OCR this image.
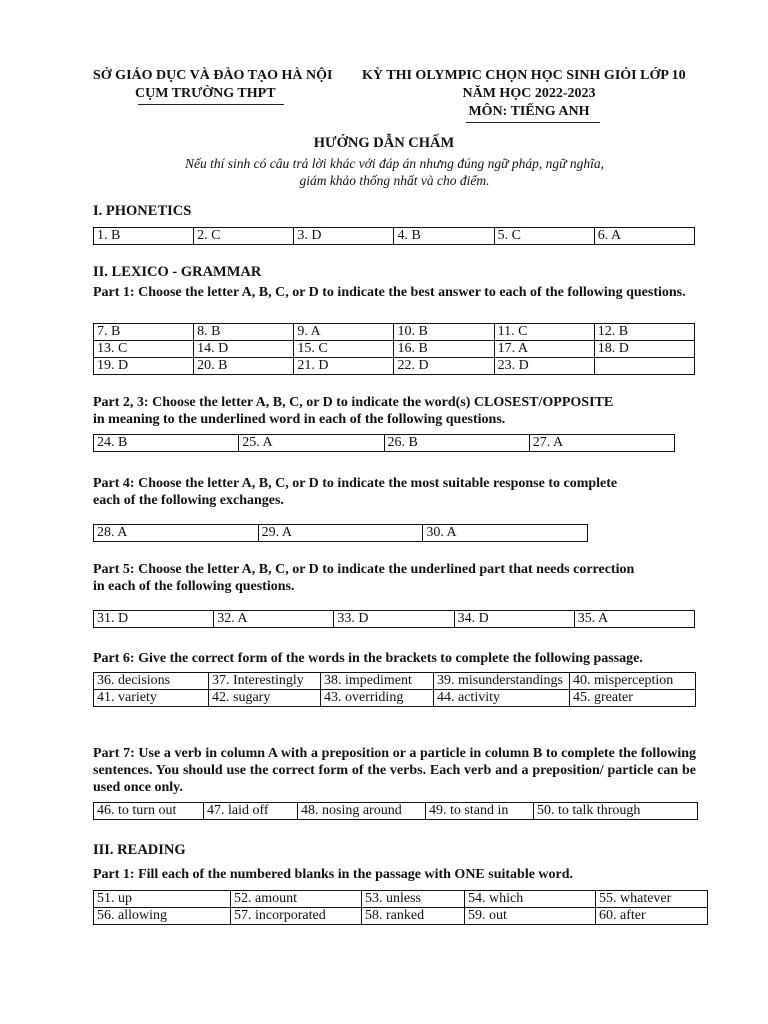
SỞ GIÁO DỤC VÀ ĐÀO TẠO HÀ NỘI
CỤM TRƯỜNG THPT
KỲ THI OLYMPIC CHỌN HỌC SINH GIỎI LỚP 10
NĂM HỌC 2022-2023
MÔN: TIẾNG ANH
HƯỚNG DẪN CHẤM
Nếu thí sinh có câu trả lời khác với đáp án nhưng đúng ngữ pháp, ngữ nghĩa,
giám khảo thống nhất và cho điểm.
I. PHONETICS
1. B	2. C	3. D	4. B	5. C	6. A
II. LEXICO - GRAMMAR
Part 1: Choose the letter A, B, C, or D to indicate the best answer to each of the following questions.
7. B	8. B	9. A	10. B	11. C	12. B
13. C	14. D	15. C	16. B	17. A	18. D
19. D	20. B	21. D	22. D	23. D	
Part 2, 3: Choose the letter A, B, C, or D to indicate the word(s) CLOSEST/OPPOSITE
in meaning to the underlined word in each of the following questions.
24. B	25. A	26. B	27. A
Part 4: Choose the letter A, B, C, or D to indicate the most suitable response to complete
each of the following exchanges.
28. A	29. A	30. A
Part 5: Choose the letter A, B, C, or D to indicate the underlined part that needs correction
in each of the following questions.
31. D	32. A	33. D	34. D	35. A
Part 6: Give the correct form of the words in the brackets to complete the following passage.
36. decisions	37. Interestingly	38. impediment	39. misunderstandings	40. misperception
41. variety	42. sugary	43. overriding	44. activity	45. greater
Part 7: Use a verb in column A with a preposition or a particle in column B to complete the following sentences. You should use the correct form of the verbs. Each verb and a preposition/ particle can be used once only.
46. to turn out	47. laid off	48. nosing around	49. to stand in	50. to talk through
III. READING
Part 1: Fill each of the numbered blanks in the passage with ONE suitable word.
51. up	52. amount	53. unless	54. which	55. whatever
56. allowing	57. incorporated	58. ranked	59. out	60. after
